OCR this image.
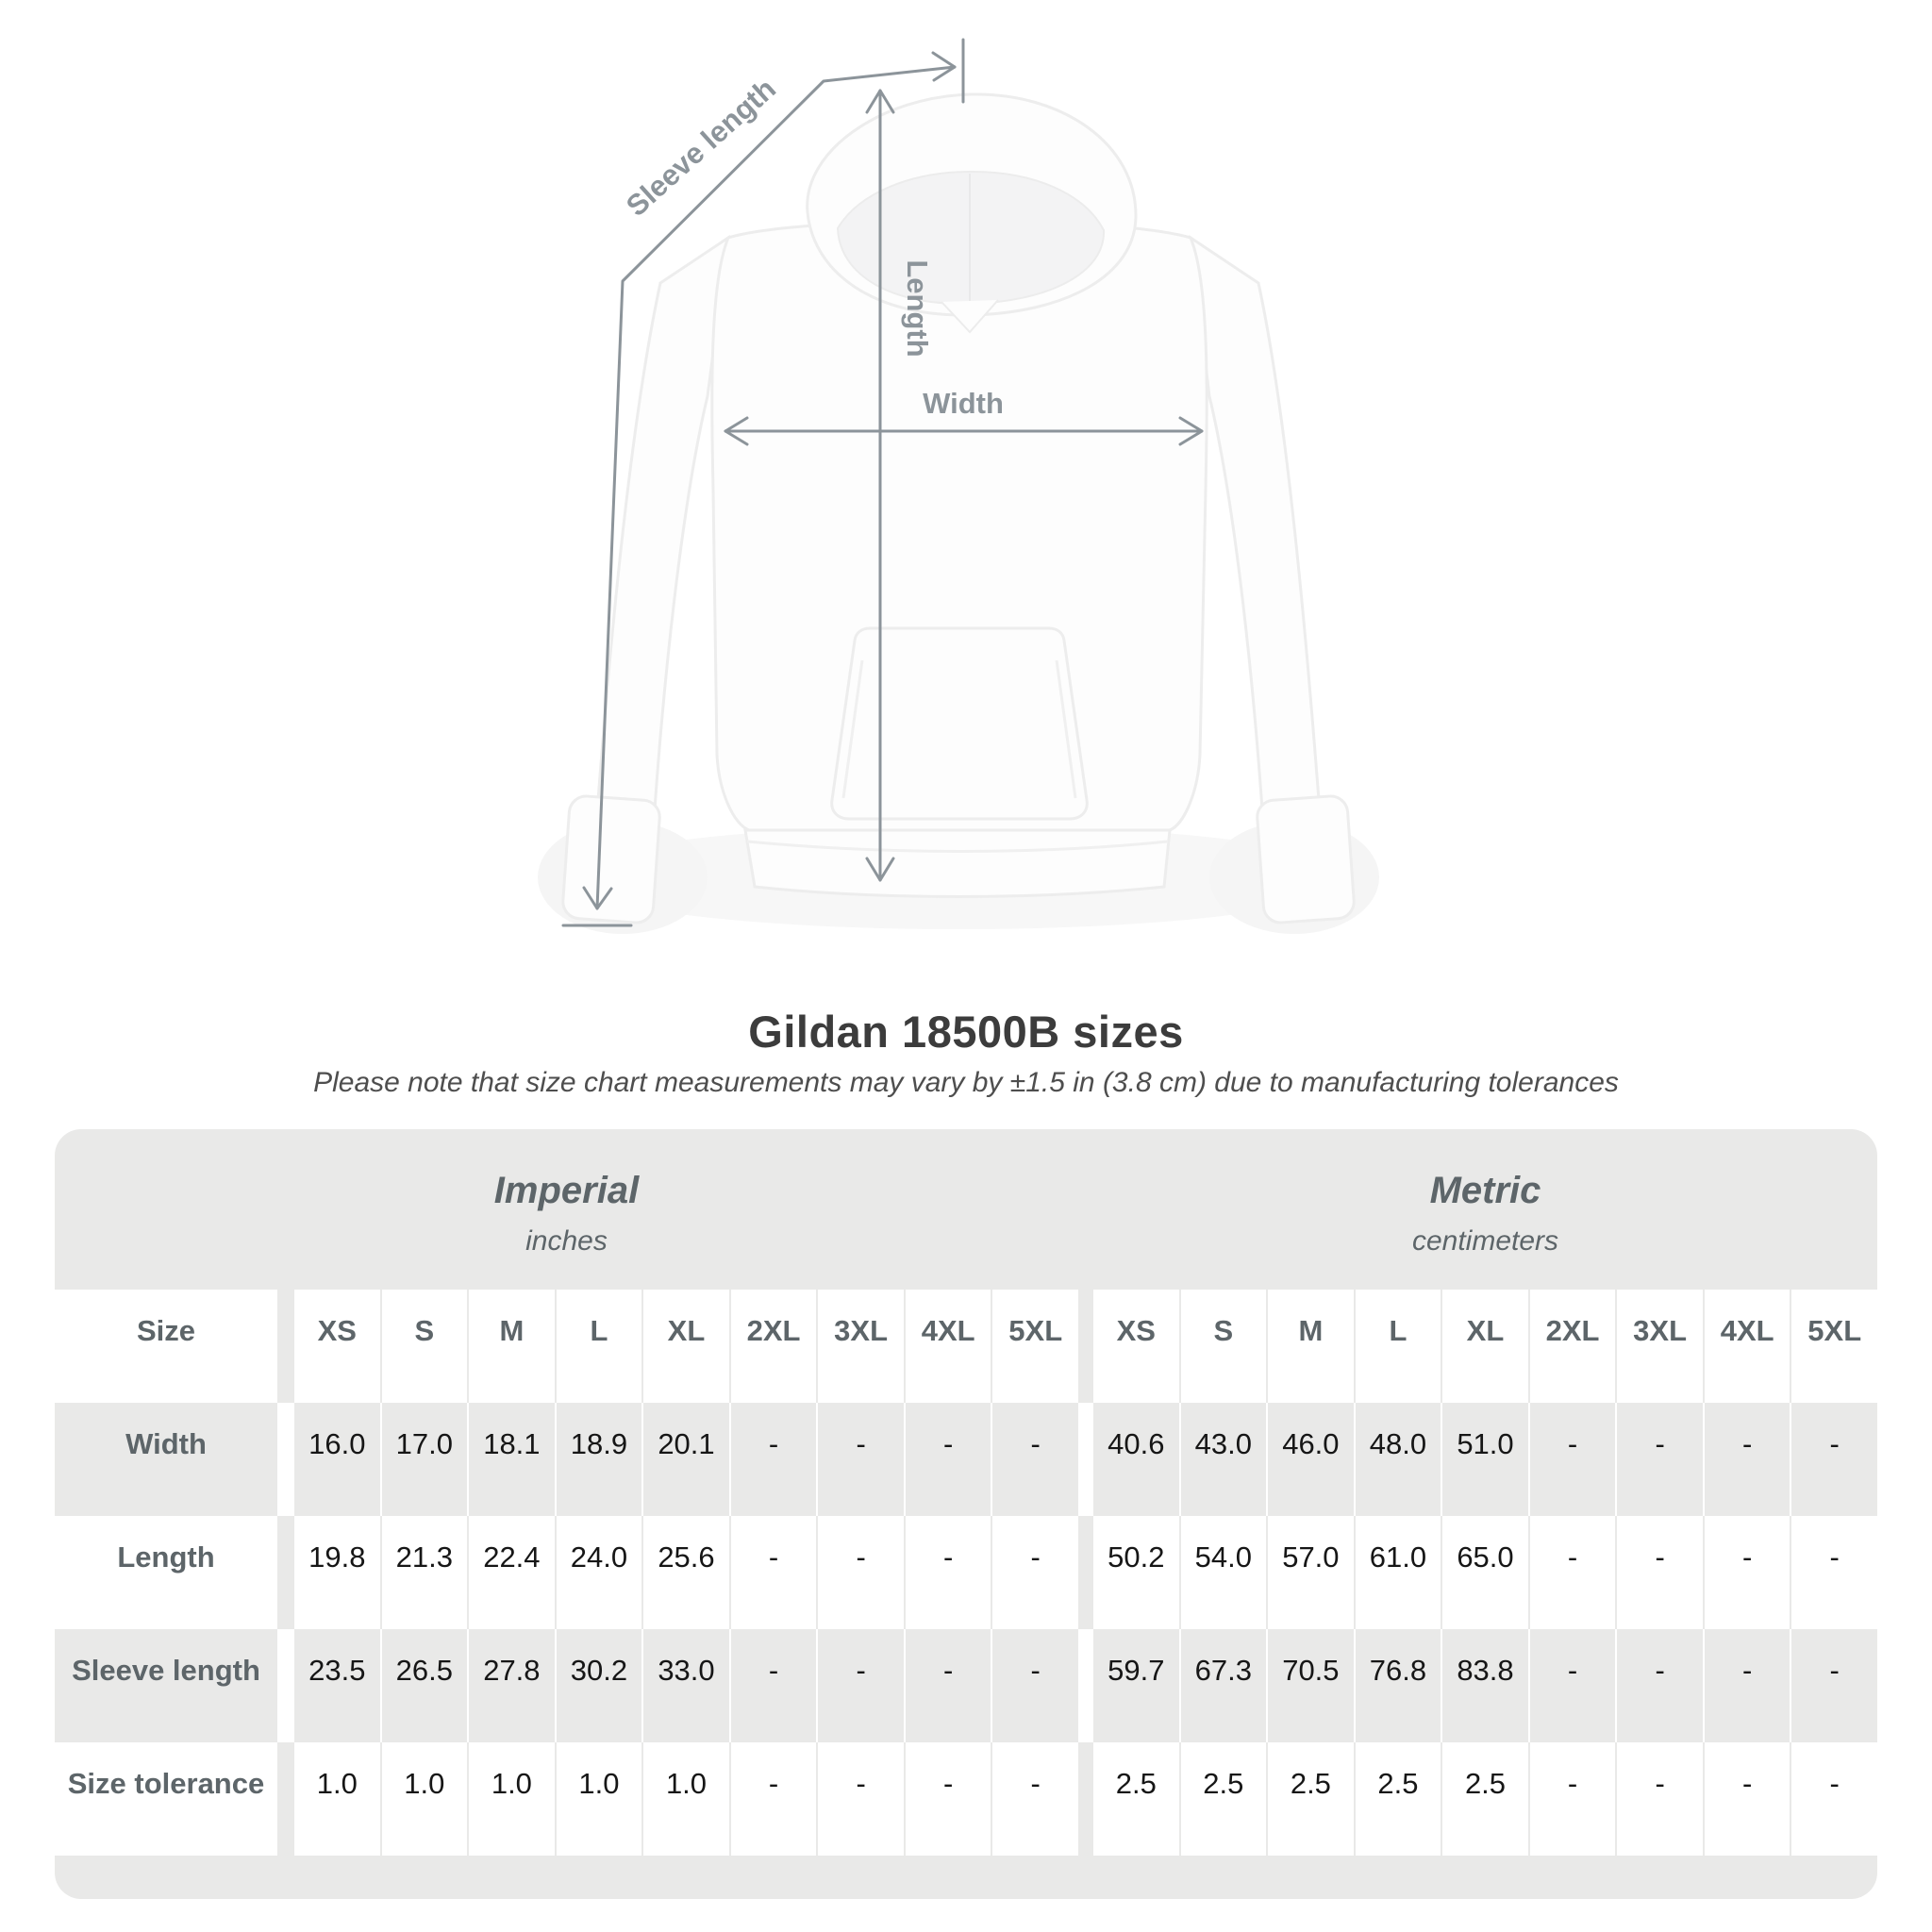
Width
Length
Sleeve length
Gildan 18500B sizes

Please note that size chart measurements may vary by ±1.5 in (3.8 cm) due to manufacturing tolerances

Imperial
inches
Metric
centimeters
Size	XS	S	M	L	XL	2XL	3XL	4XL	5XL	XS	S	M	L	XL	2XL	3XL	4XL	5XL
Width	16.0	17.0	18.1	18.9	20.1	-	-	-	-	40.6	43.0	46.0	48.0	51.0	-	-	-	-
Length	19.8	21.3	22.4	24.0	25.6	-	-	-	-	50.2	54.0	57.0	61.0	65.0	-	-	-	-
Sleeve length	23.5	26.5	27.8	30.2	33.0	-	-	-	-	59.7	67.3	70.5	76.8	83.8	-	-	-	-
Size tolerance	1.0	1.0	1.0	1.0	1.0	-	-	-	-	2.5	2.5	2.5	2.5	2.5	-	-	-	-
